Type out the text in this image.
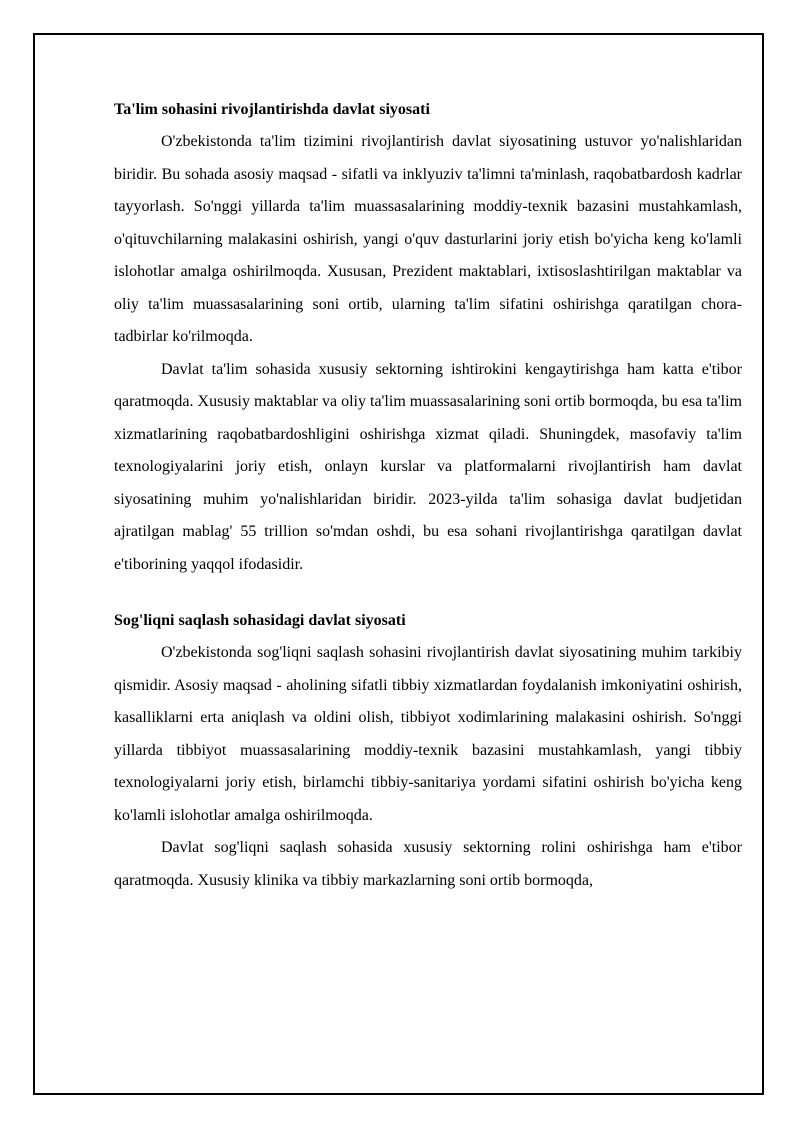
Ta'lim sohasini rivojlantirishda davlat siyosati

O'zbekistonda ta'lim tizimini rivojlantirish davlat siyosatining ustuvor yo'nalishlaridan biridir. Bu sohada asosiy maqsad - sifatli va inklyuziv ta'limni ta'minlash, raqobatbardosh kadrlar tayyorlash. So'nggi yillarda ta'lim muassasalarining moddiy-texnik bazasini mustahkamlash, o'qituvchilarning malakasini oshirish, yangi o'quv dasturlarini joriy etish bo'yicha keng ko'lamli islohotlar amalga oshirilmoqda. Xususan, Prezident maktablari, ixtisoslashtirilgan maktablar va oliy ta'lim muassasalarining soni ortib, ularning ta'lim sifatini oshirishga qaratilgan chora-tadbirlar ko'rilmoqda.

Davlat ta'lim sohasida xususiy sektorning ishtirokini kengaytirishga ham katta e'tibor qaratmoqda. Xususiy maktablar va oliy ta'lim muassasalarining soni ortib bormoqda, bu esa ta'lim xizmatlarining raqobatbardoshligini oshirishga xizmat qiladi. Shuningdek, masofaviy ta'lim texnologiyalarini joriy etish, onlayn kurslar va platformalarni rivojlantirish ham davlat siyosatining muhim yo'nalishlaridan biridir. 2023-yilda ta'lim sohasiga davlat budjetidan ajratilgan mablag' 55 trillion so'mdan oshdi, bu esa sohani rivojlantirishga qaratilgan davlat e'tiborining yaqqol ifodasidir.

Sog'liqni saqlash sohasidagi davlat siyosati

O'zbekistonda sog'liqni saqlash sohasini rivojlantirish davlat siyosatining muhim tarkibiy qismidir. Asosiy maqsad - aholining sifatli tibbiy xizmatlardan foydalanish imkoniyatini oshirish, kasalliklarni erta aniqlash va oldini olish, tibbiyot xodimlarining malakasini oshirish. So'nggi yillarda tibbiyot muassasalarining moddiy-texnik bazasini mustahkamlash, yangi tibbiy texnologiyalarni joriy etish, birlamchi tibbiy-sanitariya yordami sifatini oshirish bo'yicha keng ko'lamli islohotlar amalga oshirilmoqda.

Davlat sog'liqni saqlash sohasida xususiy sektorning rolini oshirishga ham e'tibor qaratmoqda. Xususiy klinika va tibbiy markazlarning soni ortib bormoqda,
